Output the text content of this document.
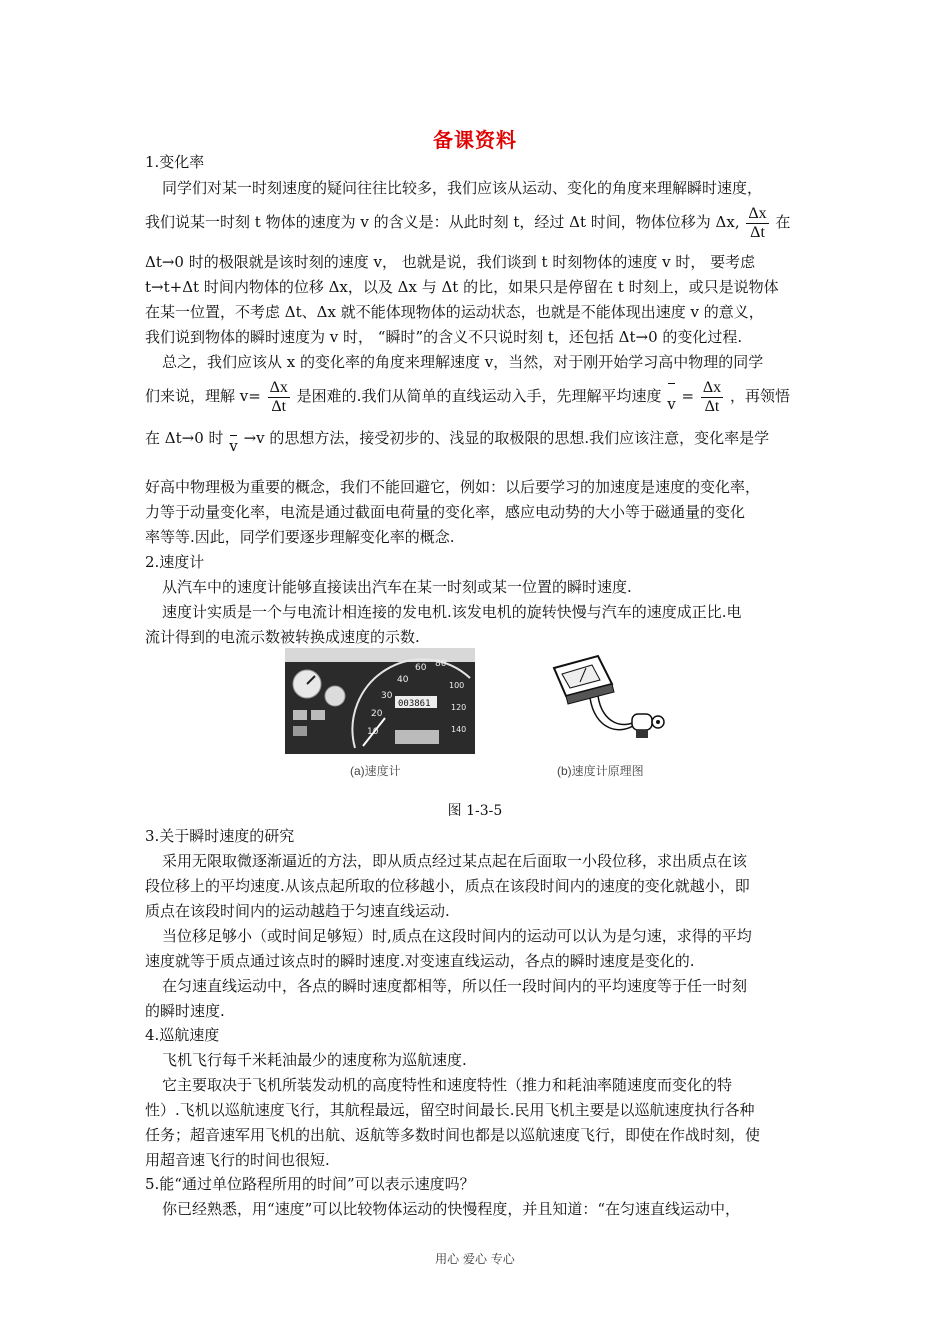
备课资料
1.变化率
同学们对某一时刻速度的疑问往往比较多，我们应该从运动、变化的角度来理解瞬时速度，
我们说某一时刻 t 物体的速度为 v 的含义是：从此时刻 t，经过 Δt 时间，物体位移为 Δx, $\frac{\Delta x}{\Delta t}$ 在
Δt→0 时的极限就是该时刻的速度 v， 也就是说，我们谈到 t 时刻物体的速度 v 时， 要考虑
t→t+Δt 时间内物体的位移 Δx，以及 Δx 与 Δt 的比，如果只是停留在 t 时刻上，或只是说物体
在某一位置，不考虑 Δt、Δx 就不能体现物体的运动状态，也就是不能体现出速度 v 的意义，
我们说到物体的瞬时速度为 v 时， “瞬时”的含义不只说时刻 t，还包括 Δt→0 的变化过程.
总之，我们应该从 x 的变化率的角度来理解速度 v，当然，对于刚开始学习高中物理的同学
们来说，理解 $v= \frac{\Delta x}{\Delta t}$ 是困难的.我们从简单的直线运动入手，先理解平均速度 $v = \frac{\Delta x}{\Delta t}$ ，再领悟
在 Δt→0 时 v →v 的思想方法，接受初步的、浅显的取极限的思想.我们应该注意，变化率是学
好高中物理极为重要的概念，我们不能回避它，例如：以后要学习的加速度是速度的变化率，
力等于动量变化率，电流是通过截面电荷量的变化率，感应电动势的大小等于磁通量的变化
率等等.因此，同学们要逐步理解变化率的概念.
2.速度计
从汽车中的速度计能够直接读出汽车在某一时刻或某一位置的瞬时速度.
速度计实质是一个与电流计相连接的发电机.该发电机的旋转快慢与汽车的速度成正比.电
流计得到的电流示数被转换成速度的示数.
10
20
30
40
60 80
100
120
140
003861
(a)速度计	(b)速度计原理图
图 1-3-5
3.关于瞬时速度的研究
采用无限取微逐渐逼近的方法，即从质点经过某点起在后面取一小段位移，求出质点在该
段位移上的平均速度.从该点起所取的位移越小，质点在该段时间内的速度的变化就越小，即
质点在该段时间内的运动越趋于匀速直线运动.
当位移足够小（或时间足够短）时,质点在这段时间内的运动可以认为是匀速，求得的平均
速度就等于质点通过该点时的瞬时速度.对变速直线运动，各点的瞬时速度是变化的.
在匀速直线运动中，各点的瞬时速度都相等，所以任一段时间内的平均速度等于任一时刻
的瞬时速度.
4.巡航速度
飞机飞行每千米耗油最少的速度称为巡航速度.
它主要取决于飞机所装发动机的高度特性和速度特性（推力和耗油率随速度而变化的特
性）.飞机以巡航速度飞行，其航程最远，留空时间最长.民用飞机主要是以巡航速度执行各种
任务；超音速军用飞机的出航、返航等多数时间也都是以巡航速度飞行，即使在作战时刻，使
用超音速飞行的时间也很短.
5.能“通过单位路程所用的时间”可以表示速度吗？
你已经熟悉，用“速度”可以比较物体运动的快慢程度，并且知道：“在匀速直线运动中，
用心 爱心 专心
